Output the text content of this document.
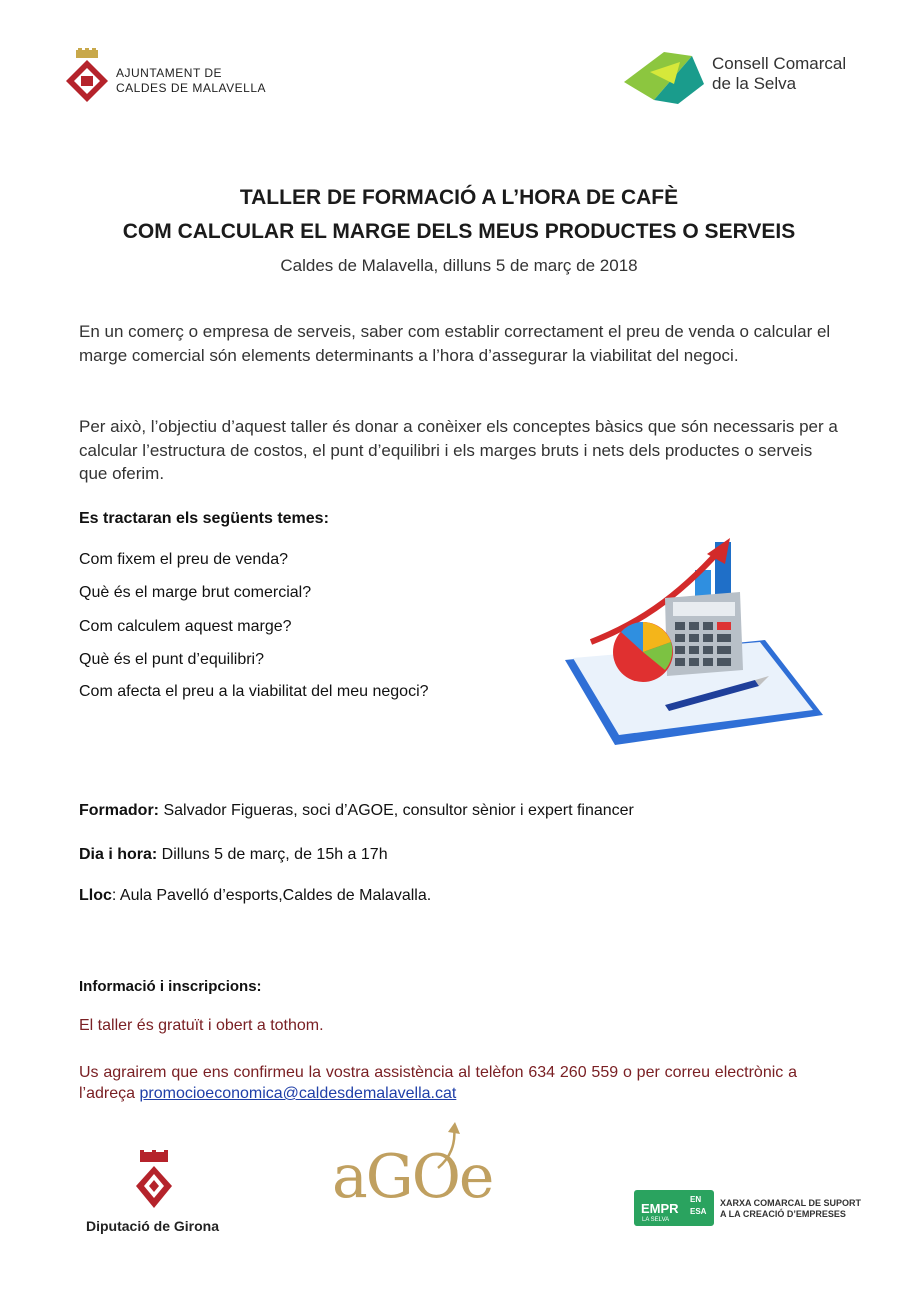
AJUNTAMENT DE
CALDES DE MALAVELLA
Consell Comarcal
de la Selva
TALLER DE FORMACIÓ A L’HORA DE CAFÈ
COM CALCULAR EL MARGE DELS MEUS PRODUCTES O SERVEIS
Caldes de Malavella, dilluns 5 de març de 2018
En un comerç o empresa de serveis, saber com establir correctament el preu de venda o calcular el marge comercial són elements determinants a l’hora d’assegurar la viabilitat del negoci.
Per això, l’objectiu d’aquest taller és donar a conèixer els conceptes bàsics que són necessaris per a calcular l’estructura de costos, el punt d’equilibri i els marges bruts i nets dels productes o serveis que oferim.
Es tractaran els següents temes:
Com fixem el preu de venda?
Què és el marge brut comercial?
Com calculem aquest marge?
Què és el punt d’equilibri?
Com afecta el preu a la viabilitat del meu negoci?
Formador: Salvador Figueras, soci d’AGOE, consultor sènior i expert financer
Dia i hora: Dilluns 5 de març, de 15h a 17h
Lloc: Aula Pavelló d’esports,Caldes de Malavalla.
Informació i inscripcions:
El taller és gratuït i obert a tothom.
Us agrairem que ens confirmeu la vostra assistència al telèfon 634 260 559 o per correu electrònic a l’adreça promocioeconomica@caldesdemalavella.cat
Diputació de Girona
aGOe	EMPR
EN
ESA
LA SELVA
XARXA COMARCAL DE SUPORT
A LA CREACIÓ D’EMPRESES
